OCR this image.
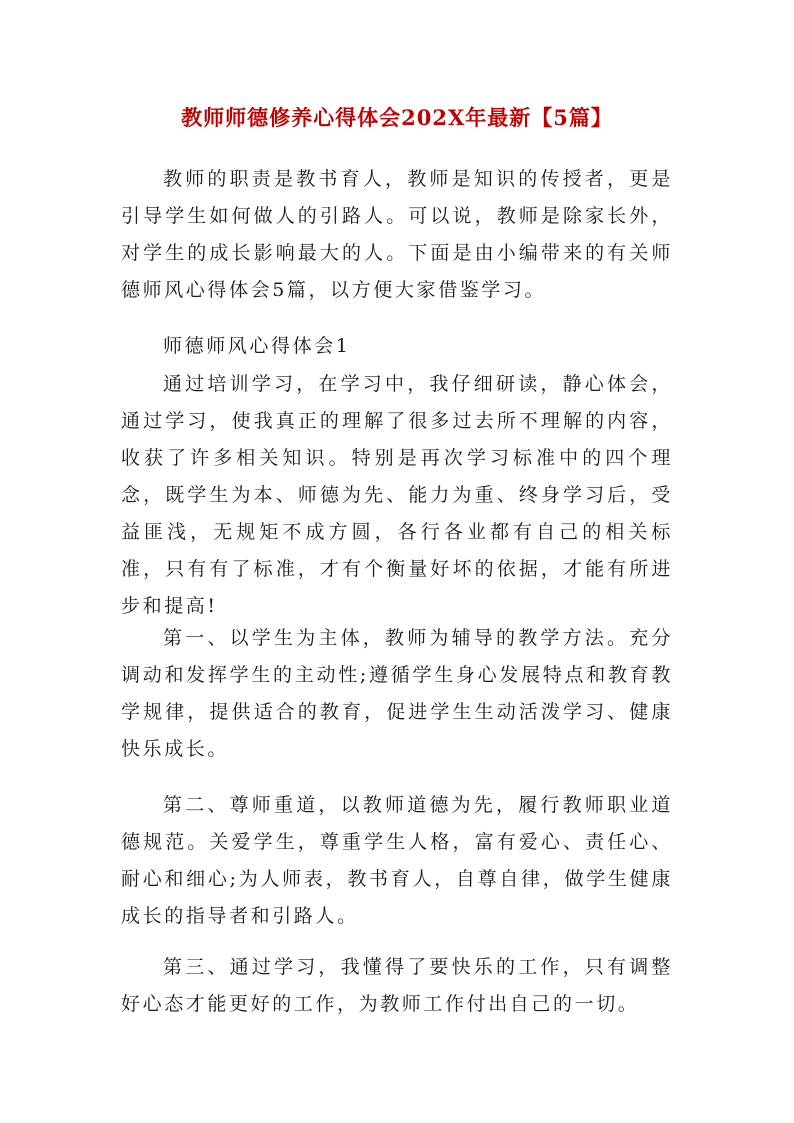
教师师德修养心得体会202X年最新【5篇】

教师的职责是教书育人，教师是知识的传授者，更是引导学生如何做人的引路人。可以说，教师是除家长外，对学生的成长影响最大的人。下面是由小编带来的有关师德师风心得体会5篇，以方便大家借鉴学习。

师德师风心得体会1

通过培训学习，在学习中，我仔细研读，静心体会，通过学习，使我真正的理解了很多过去所不理解的内容，收获了许多相关知识。特别是再次学习标准中的四个理念，既学生为本、师德为先、能力为重、终身学习后，受益匪浅，无规矩不成方圆，各行各业都有自己的相关标准，只有有了标准，才有个衡量好坏的依据，才能有所进步和提高!

第一、以学生为主体，教师为辅导的教学方法。充分调动和发挥学生的主动性;遵循学生身心发展特点和教育教学规律，提供适合的教育，促进学生生动活泼学习、健康快乐成长。

第二、尊师重道，以教师道德为先，履行教师职业道德规范。关爱学生，尊重学生人格，富有爱心、责任心、耐心和细心;为人师表，教书育人，自尊自律，做学生健康成长的指导者和引路人。

第三、通过学习，我懂得了要快乐的工作，只有调整好心态才能更好的工作，为教师工作付出自己的一切。
